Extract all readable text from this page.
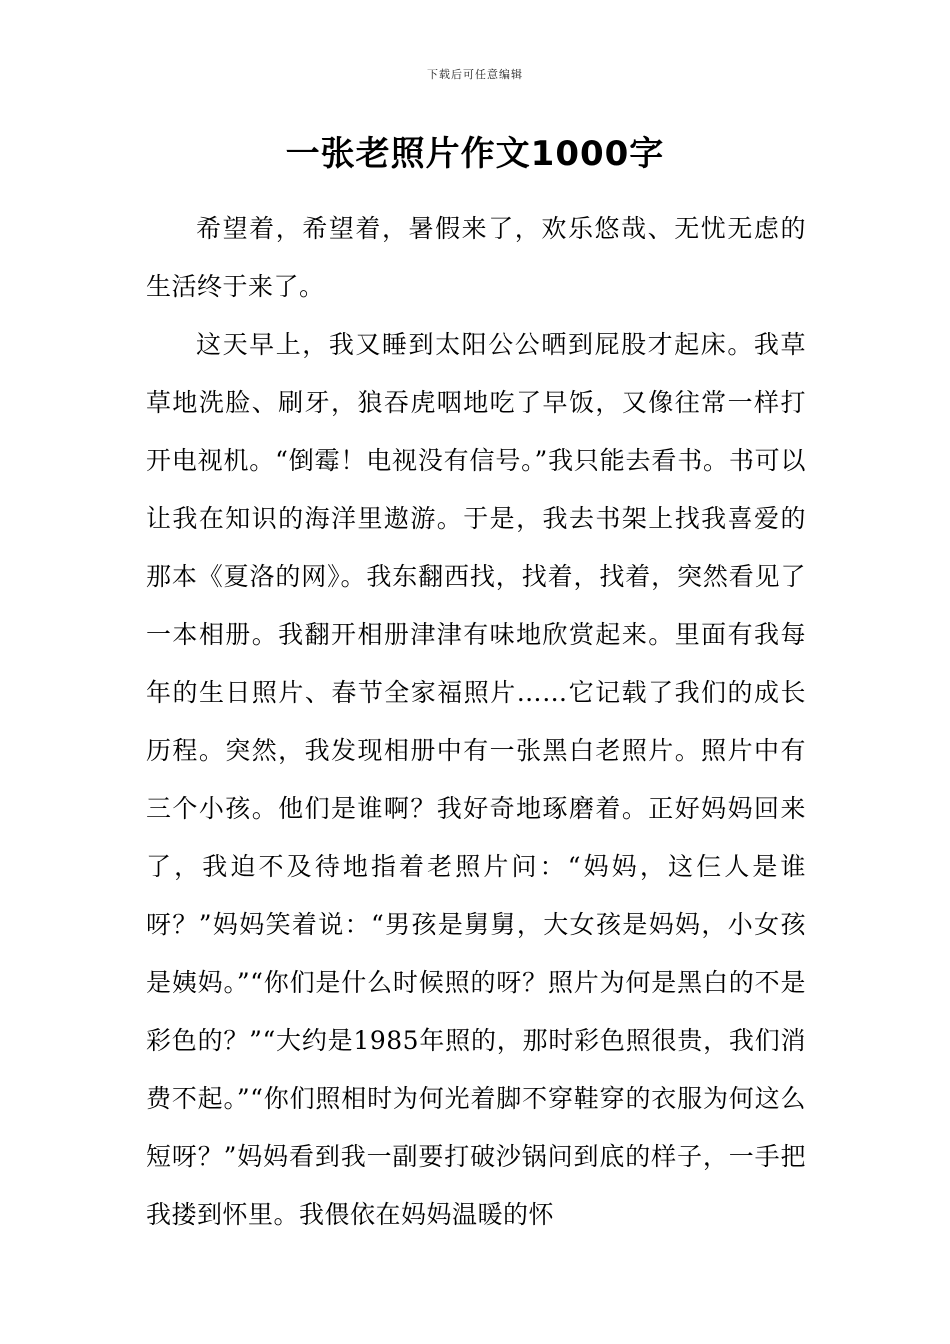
下载后可任意编辑
一张老照片作文1000字

希望着，希望着，暑假来了，欢乐悠哉、无忧无虑的生活终于来了。

这天早上，我又睡到太阳公公晒到屁股才起床。我草草地洗脸、刷牙，狼吞虎咽地吃了早饭，又像往常一样打开电视机。“倒霉！电视没有信号。”我只能去看书。书可以让我在知识的海洋里遨游。于是，我去书架上找我喜爱的那本《夏洛的网》。我东翻西找，找着，找着，突然看见了一本相册。我翻开相册津津有味地欣赏起来。里面有我每年的生日照片、春节全家福照片……它记载了我们的成长历程。突然，我发现相册中有一张黑白老照片。照片中有三个小孩。他们是谁啊？我好奇地琢磨着。正好妈妈回来了，我迫不及待地指着老照片问：“妈妈，这仨人是谁呀？”妈妈笑着说：“男孩是舅舅，大女孩是妈妈，小女孩是姨妈。”“你们是什么时候照的呀？照片为何是黑白的不是彩色的？”“大约是1985年照的，那时彩色照很贵，我们消费不起。”“你们照相时为何光着脚不穿鞋穿的衣服为何这么短呀？”妈妈看到我一副要打破沙锅问到底的样子，一手把我搂到怀里。我偎依在妈妈温暖的怀
